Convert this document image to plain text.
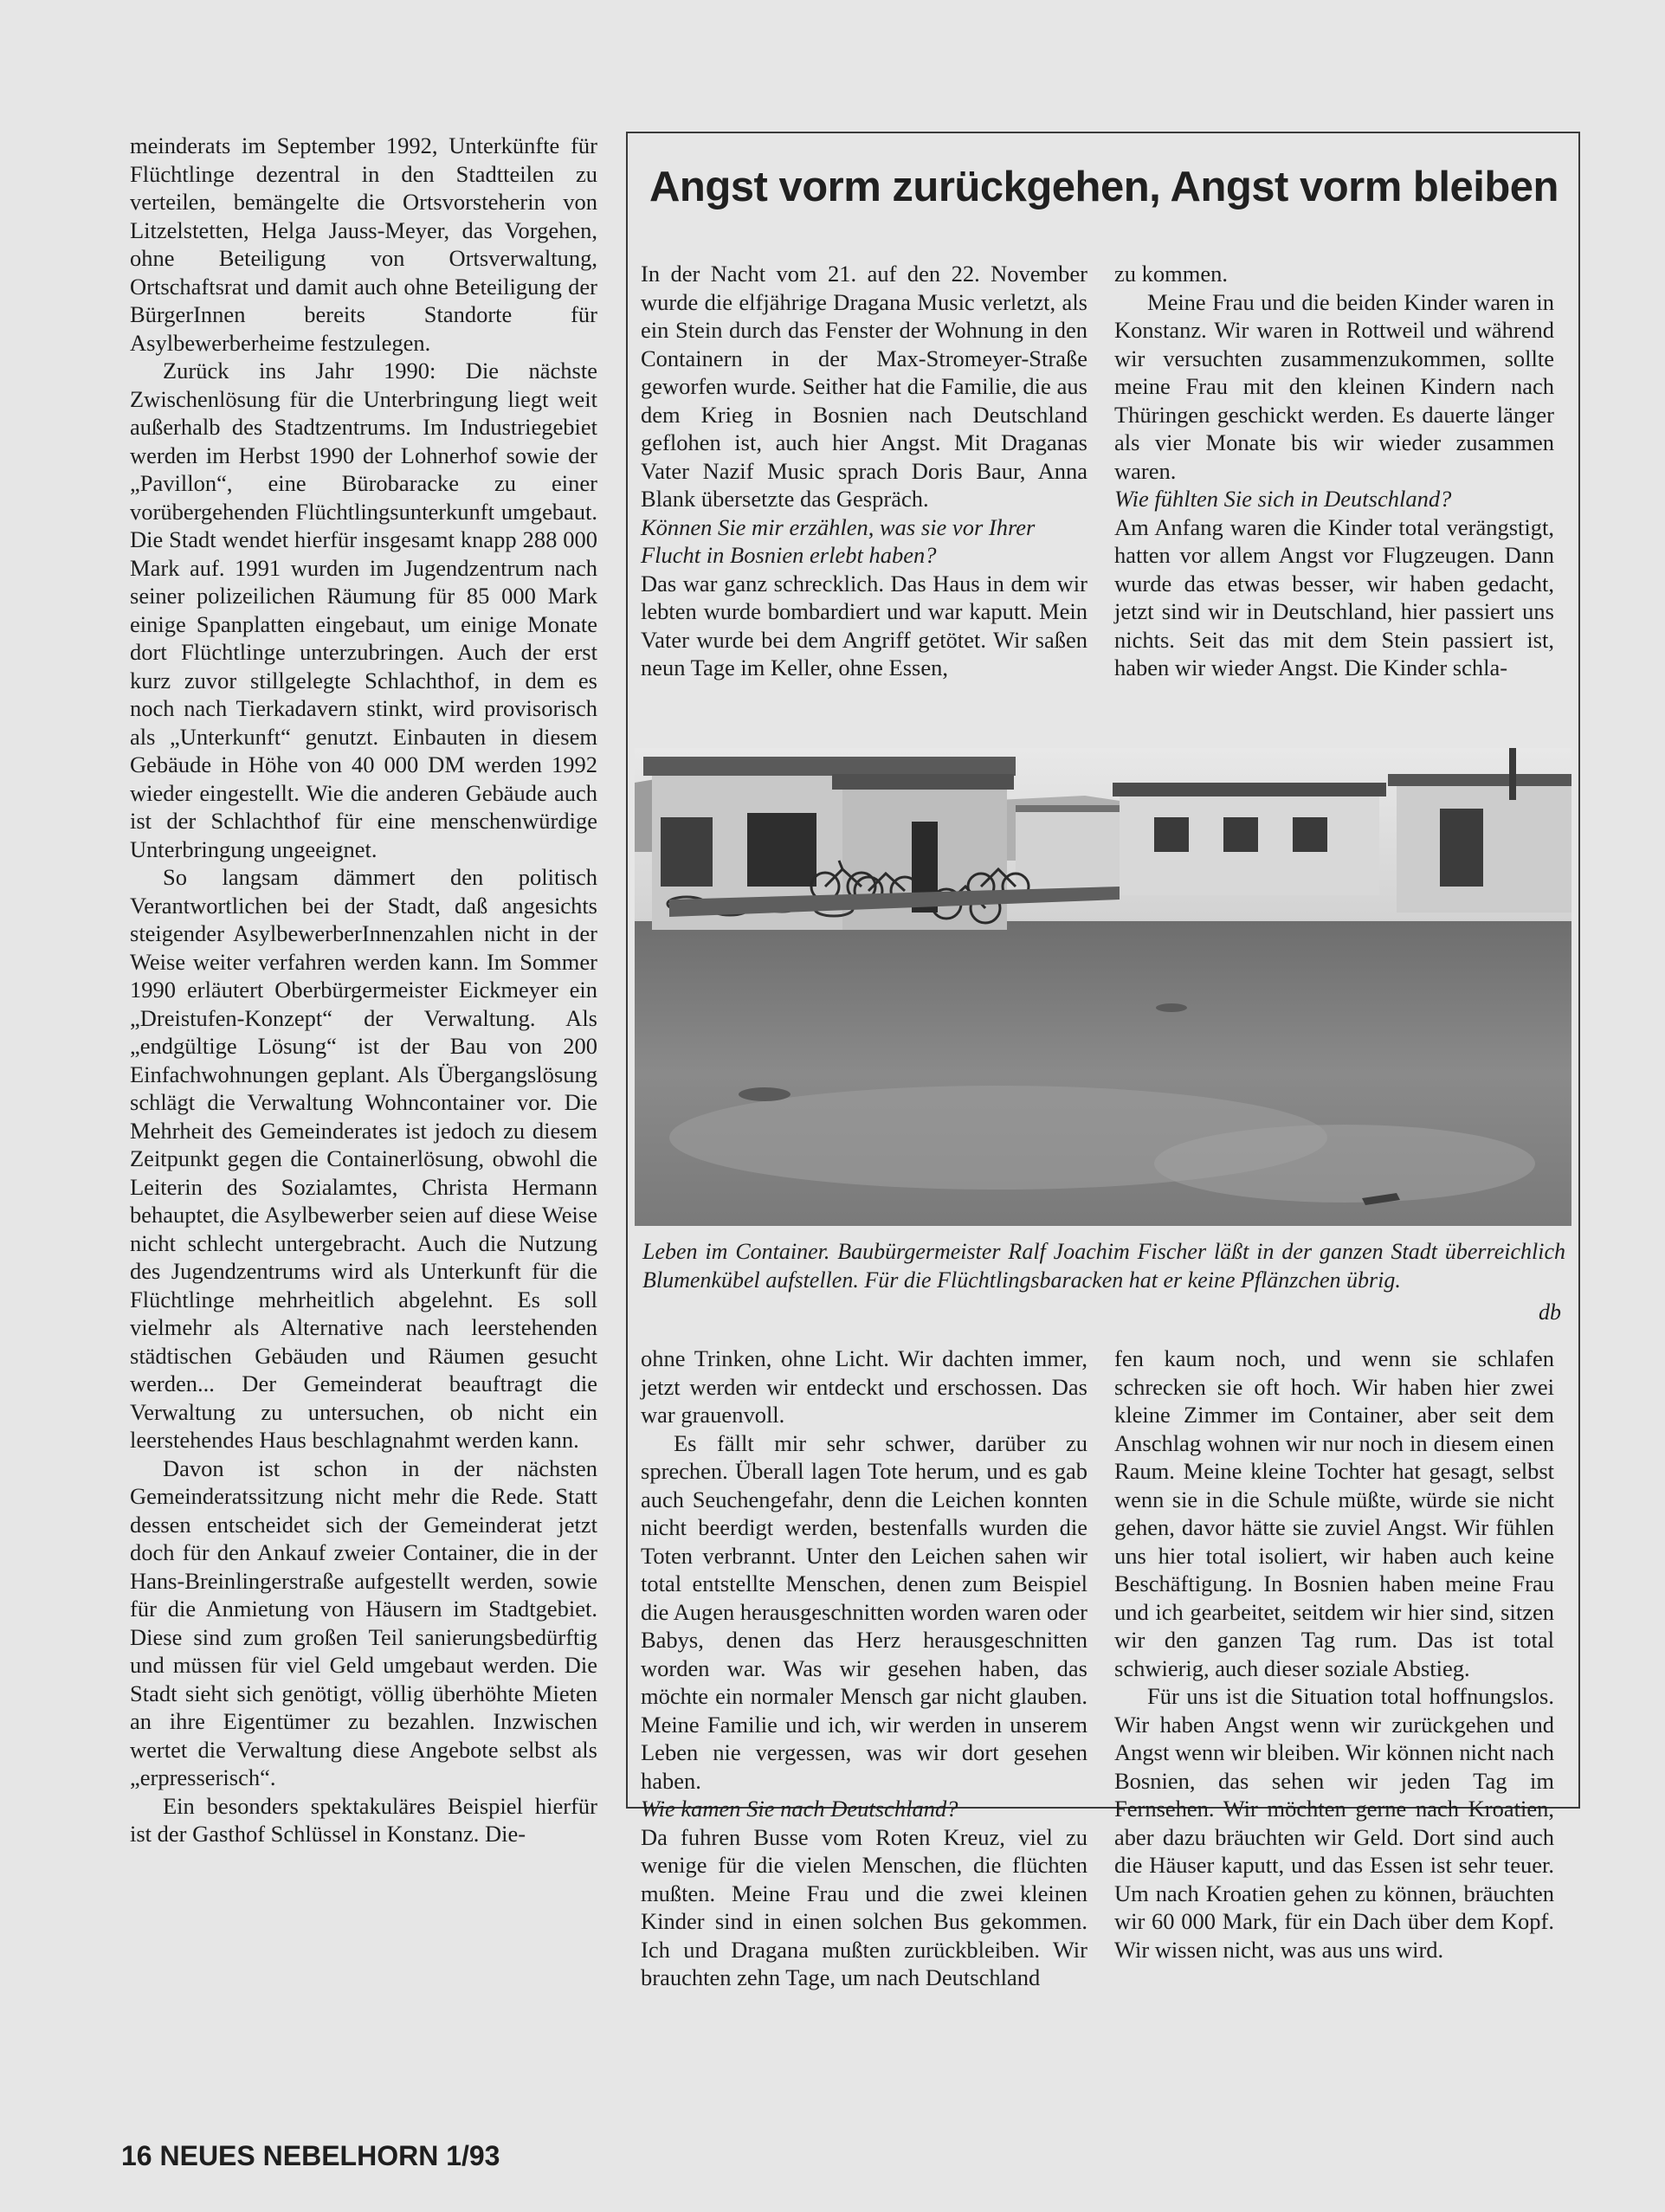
meinderats im September 1992, Unterkünfte für Flüchtlinge dezentral in den Stadtteilen zu verteilen, bemängelte die Ortsvorsteherin von Litzelstetten, Helga Jauss-Meyer, das Vorgehen, ohne Beteiligung von Ortsverwaltung, Ortschaftsrat und damit auch ohne Beteiligung der BürgerInnen bereits Standorte für Asylbewerberheime festzulegen.

Zurück ins Jahr 1990: Die nächste Zwischenlösung für die Unterbringung liegt weit außerhalb des Stadtzentrums. Im Industriegebiet werden im Herbst 1990 der Lohnerhof sowie der „Pavillon“, eine Bürobaracke zu einer vorübergehenden Flüchtlingsunterkunft umgebaut. Die Stadt wendet hierfür insgesamt knapp 288 000 Mark auf. 1991 wurden im Jugendzentrum nach seiner polizeilichen Räumung für 85 000 Mark einige Spanplatten eingebaut, um einige Monate dort Flüchtlinge unterzubringen. Auch der erst kurz zuvor stillgelegte Schlachthof, in dem es noch nach Tierkadavern stinkt, wird provisorisch als „Unterkunft“ genutzt. Einbauten in diesem Gebäude in Höhe von 40 000 DM werden 1992 wieder eingestellt. Wie die anderen Gebäude auch ist der Schlachthof für eine menschenwürdige Unterbringung ungeeignet.

So langsam dämmert den politisch Verantwortlichen bei der Stadt, daß angesichts steigender AsylbewerberInnenzahlen nicht in der Weise weiter verfahren werden kann. Im Sommer 1990 erläutert Oberbürgermeister Eickmeyer ein „Dreistufen-Konzept“ der Verwaltung. Als „endgültige Lösung“ ist der Bau von 200 Einfachwohnungen geplant. Als Übergangslösung schlägt die Verwaltung Wohncontainer vor. Die Mehrheit des Gemeinderates ist jedoch zu diesem Zeitpunkt gegen die Containerlösung, obwohl die Leiterin des Sozialamtes, Christa Hermann behauptet, die Asylbewerber seien auf diese Weise nicht schlecht untergebracht. Auch die Nutzung des Jugendzentrums wird als Unterkunft für die Flüchtlinge mehrheitlich abgelehnt. Es soll vielmehr als Alternative nach leerstehenden städtischen Gebäuden und Räumen gesucht werden... Der Gemeinderat beauftragt die Verwaltung zu untersuchen, ob nicht ein leerstehendes Haus beschlagnahmt werden kann.

Davon ist schon in der nächsten Gemeinderatssitzung nicht mehr die Rede. Statt dessen entscheidet sich der Gemeinderat jetzt doch für den Ankauf zweier Container, die in der Hans-Breinlingerstraße aufgestellt werden, sowie für die Anmietung von Häusern im Stadtgebiet. Diese sind zum großen Teil sanierungsbedürftig und müssen für viel Geld umgebaut werden. Die Stadt sieht sich genötigt, völlig überhöhte Mieten an ihre Eigentümer zu bezahlen. Inzwischen wertet die Verwaltung diese Angebote selbst als „erpresserisch“.

Ein besonders spektakuläres Beispiel hierfür ist der Gasthof Schlüssel in Konstanz. Die-

Angst vorm zurückgehen, Angst vorm bleiben

In der Nacht vom 21. auf den 22. November wurde die elfjährige Dragana Music verletzt, als ein Stein durch das Fenster der Wohnung in den Containern in der Max-Stromeyer-Straße geworfen wurde. Seither hat die Familie, die aus dem Krieg in Bosnien nach Deutschland geflohen ist, auch hier Angst. Mit Draganas Vater Nazif Music sprach Doris Baur, Anna Blank übersetzte das Gespräch.

Können Sie mir erzählen, was sie vor Ihrer Flucht in Bosnien erlebt haben?

Das war ganz schrecklich. Das Haus in dem wir lebten wurde bombardiert und war kaputt. Mein Vater wurde bei dem Angriff getötet. Wir saßen neun Tage im Keller, ohne Essen,

zu kommen.

Meine Frau und die beiden Kinder waren in Konstanz. Wir waren in Rottweil und während wir versuchten zusammenzukommen, sollte meine Frau mit den kleinen Kindern nach Thüringen geschickt werden. Es dauerte länger als vier Monate bis wir wieder zusammen waren.

Wie fühlten Sie sich in Deutschland?

Am Anfang waren die Kinder total verängstigt, hatten vor allem Angst vor Flugzeugen. Dann wurde das etwas besser, wir haben gedacht, jetzt sind wir in Deutschland, hier passiert uns nichts. Seit das mit dem Stein passiert ist, haben wir wieder Angst. Die Kinder schla-

Leben im Container. Baubürgermeister Ralf Joachim Fischer läßt in der ganzen Stadt überreichlich Blumenkübel aufstellen. Für die Flüchtlingsbaracken hat er keine Pflänzchen übrig.
db

ohne Trinken, ohne Licht. Wir dachten immer, jetzt werden wir entdeckt und erschossen. Das war grauenvoll.

Es fällt mir sehr schwer, darüber zu sprechen. Überall lagen Tote herum, und es gab auch Seuchengefahr, denn die Leichen konnten nicht beerdigt werden, bestenfalls wurden die Toten verbrannt. Unter den Leichen sahen wir total entstellte Menschen, denen zum Beispiel die Augen herausgeschnitten worden waren oder Babys, denen das Herz herausgeschnitten worden war. Was wir gesehen haben, das möchte ein normaler Mensch gar nicht glauben. Meine Familie und ich, wir werden in unserem Leben nie vergessen, was wir dort gesehen haben.

Wie kamen Sie nach Deutschland?

Da fuhren Busse vom Roten Kreuz, viel zu wenige für die vielen Menschen, die flüchten mußten. Meine Frau und die zwei kleinen Kinder sind in einen solchen Bus gekommen. Ich und Dragana mußten zurückbleiben. Wir brauchten zehn Tage, um nach Deutschland

fen kaum noch, und wenn sie schlafen schrecken sie oft hoch. Wir haben hier zwei kleine Zimmer im Container, aber seit dem Anschlag wohnen wir nur noch in diesem einen Raum. Meine kleine Tochter hat gesagt, selbst wenn sie in die Schule müßte, würde sie nicht gehen, davor hätte sie zuviel Angst. Wir fühlen uns hier total isoliert, wir haben auch keine Beschäftigung. In Bosnien haben meine Frau und ich gearbeitet, seitdem wir hier sind, sitzen wir den ganzen Tag rum. Das ist total schwierig, auch dieser soziale Abstieg.

Für uns ist die Situation total hoffnungslos. Wir haben Angst wenn wir zurückgehen und Angst wenn wir bleiben. Wir können nicht nach Bosnien, das sehen wir jeden Tag im Fernsehen. Wir möchten gerne nach Kroatien, aber dazu bräuchten wir Geld. Dort sind auch die Häuser kaputt, und das Essen ist sehr teuer. Um nach Kroatien gehen zu können, bräuchten wir 60 000 Mark, für ein Dach über dem Kopf. Wir wissen nicht, was aus uns wird.

16 NEUES NEBELHORN 1/93
